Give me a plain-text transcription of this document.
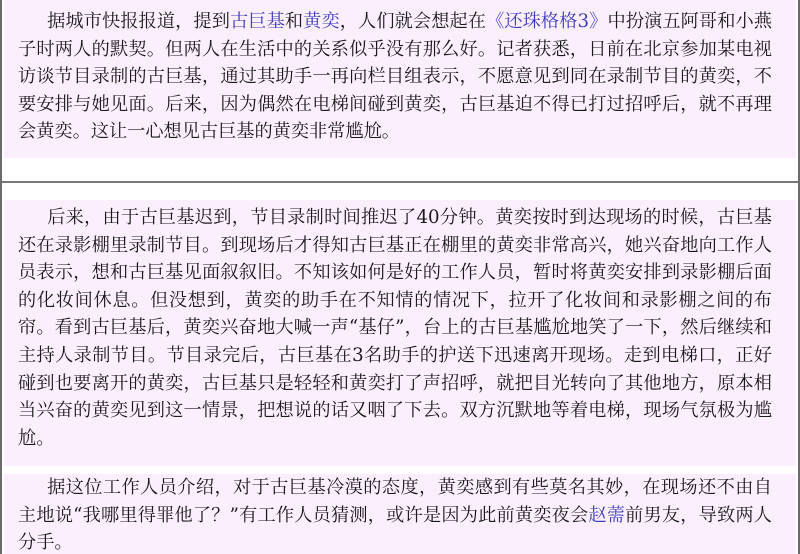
据城市快报报道，提到古巨基和黄奕，人们就会想起在《还珠格格3》中扮演五阿哥和小燕子时两人的默契。但两人在生活中的关系似乎没有那么好。记者获悉，日前在北京参加某电视访谈节目录制的古巨基，通过其助手一再向栏目组表示，不愿意见到同在录制节目的黄奕，不要安排与她见面。后来，因为偶然在电梯间碰到黄奕，古巨基迫不得已打过招呼后，就不再理会黄奕。这让一心想见古巨基的黄奕非常尴尬。

后来，由于古巨基迟到，节目录制时间推迟了40分钟。黄奕按时到达现场的时候，古巨基还在录影棚里录制节目。到现场后才得知古巨基正在棚里的黄奕非常高兴，她兴奋地向工作人员表示，想和古巨基见面叙叙旧。不知该如何是好的工作人员，暂时将黄奕安排到录影棚后面的化妆间休息。但没想到，黄奕的助手在不知情的情况下，拉开了化妆间和录影棚之间的布帘。看到古巨基后，黄奕兴奋地大喊一声“基仔”，台上的古巨基尴尬地笑了一下，然后继续和主持人录制节目。节目录完后，古巨基在3名助手的护送下迅速离开现场。走到电梯口，正好碰到也要离开的黄奕，古巨基只是轻轻和黄奕打了声招呼，就把目光转向了其他地方，原本相当兴奋的黄奕见到这一情景，把想说的话又咽了下去。双方沉默地等着电梯，现场气氛极为尴尬。

据这位工作人员介绍，对于古巨基冷漠的态度，黄奕感到有些莫名其妙，在现场还不由自主地说“我哪里得罪他了？”有工作人员猜测，或许是因为此前黄奕夜会赵薷前男友，导致两人分手。
